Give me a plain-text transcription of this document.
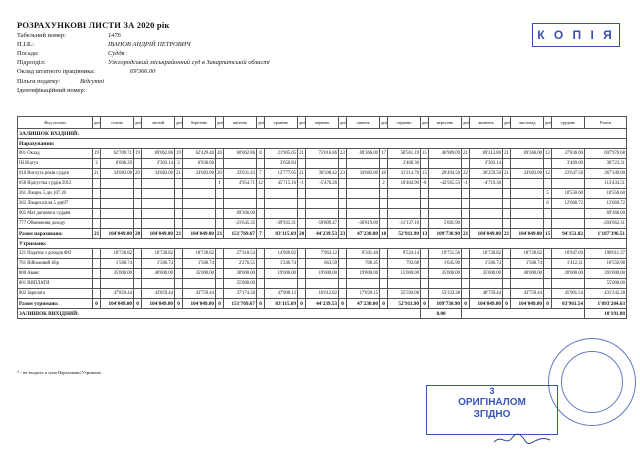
РОЗРАХУНКОВІ ЛИСТИ ЗА 2020 рік
К О П І Я
Табельний номер:	1476
П.І.Б.:	ІВАНОВ АНДРІЙ ПЕТРОВИЧ
Посада:	Суддя
Підрозділ:	Ужгородський міськрайонний суд в Закарпатській області
Оклад штатного працівника:	69'366.00
Пільги податку:	Відсутні
Ідентифікаційний номер:
Вид оплати	дні	січень	дні	лютий	дні	березень	дні	квітень	дні	травень	дні	червень	дні	липень	дні	серпень	дні	вересень	дні	жовтень	дні	листопад	дні	грудень	Разом
ЗАЛИШОК ВХІДНИЙ:																									
Нарахування:																									
001 Оклад	19	62'709.71	19	69'062.86	19	62'429.40	20	60'062.86	8	21'905.05	21	75'016.86	23	69'366.00	17	50'561.19	15	46'989.09	21	69'213.80	21	69'366.00	13	37'836.00	697'970.68
IH Відгул	2	6'606.29		3'303.14	2	6'936.60				3'650.84						3'468.30				3'303.14				3'469.00	36'723.31
010 Вислуга років суддів	21	34'683.00	20	34'683.00	21	34'683.00	20	33'031.43	7	12'777.05	21	36'508.42	23	34'683.00	18	31'214.70	15	20'494.50	22	36'259.50	21	34'683.00	12	23'647.50	367'349.00
058 Відпустка суддів 2012							1	4'954.71	12	45'715.16	-1	-5'476.26			2	10'404.90	-8	-42'565.53	-1	-4'719.30					113'434.51
261 Лікарн. 5 дн. (07.20																							5	10'550.60	10'550.60
262 Лікарн.після 5 дн(07																							6	12'660.72	12'660.72
005 Мат допомога суддям								69'366.00																	69'366.00
777 Обмеження доходу								-21'645.35		-39'933.31		-59'809.47		-36'819.00		-11'137.10		5'681.90							-204'662.31
Разом нараховано:	21	104'049.00	20	104'049.00	21	104'049.00	21	151'769.67	7	83'115.69	20	44'239.53	23	47'230.00	18	52'911.90	13	109'730.90	21	104'049.00	21	104'049.00	15	94'151.82	1'187'396.51
Утримано:																									
321 Податок з доходів ФО		18'728.82		18'728.82		18'728.82		27'318.54		14'960.82		7'963.12		8'501.40		9'524.14		19'751.56		18'728.82		18'728.82		16'947.69	198'611.37
761 Військовий збір		1'560.74		1'560.74		1'560.74		2'276.55		1'246.74		663.59		708.45		793.68		1'645.96		1'560.74		1'560.74		1'412.31	16'550.98
800 Аванс		35'000.00		40'000.00		35'000.00		30'000.00		19'000.00		19'000.00		19'000.00		15'000.00		35'000.00		35'000.00		40'000.00		20'000.00	391'000.00
801 ВИПЛАТИ								55'000.00																	55'000.00
802 Зарплата		47'859.44		43'859.44		43'759.44		37'174.58		47'908.13		16'612.82		17'020.15		25'594.08		53'333.38		48'759.44		43'759.44		45'901.54	431'242.28
Разом утримано:	0	104'049.00	0	104'049.00	0	104'049.00	0	151'769.67	0	83'115.69	0	44'239.53	0	47'230.00	0	52'911.90	0	109'730.90	0	104'049.00	0	104'049.00	0	83'961.54	1'093'204.63
ЗАЛИШОК ВИХІДНИЙ:																	0.00								10'191.88
* - не входить в сума Нараховано/Утримано
3
ОРИГІНАЛОМ
ЗГІДНО
